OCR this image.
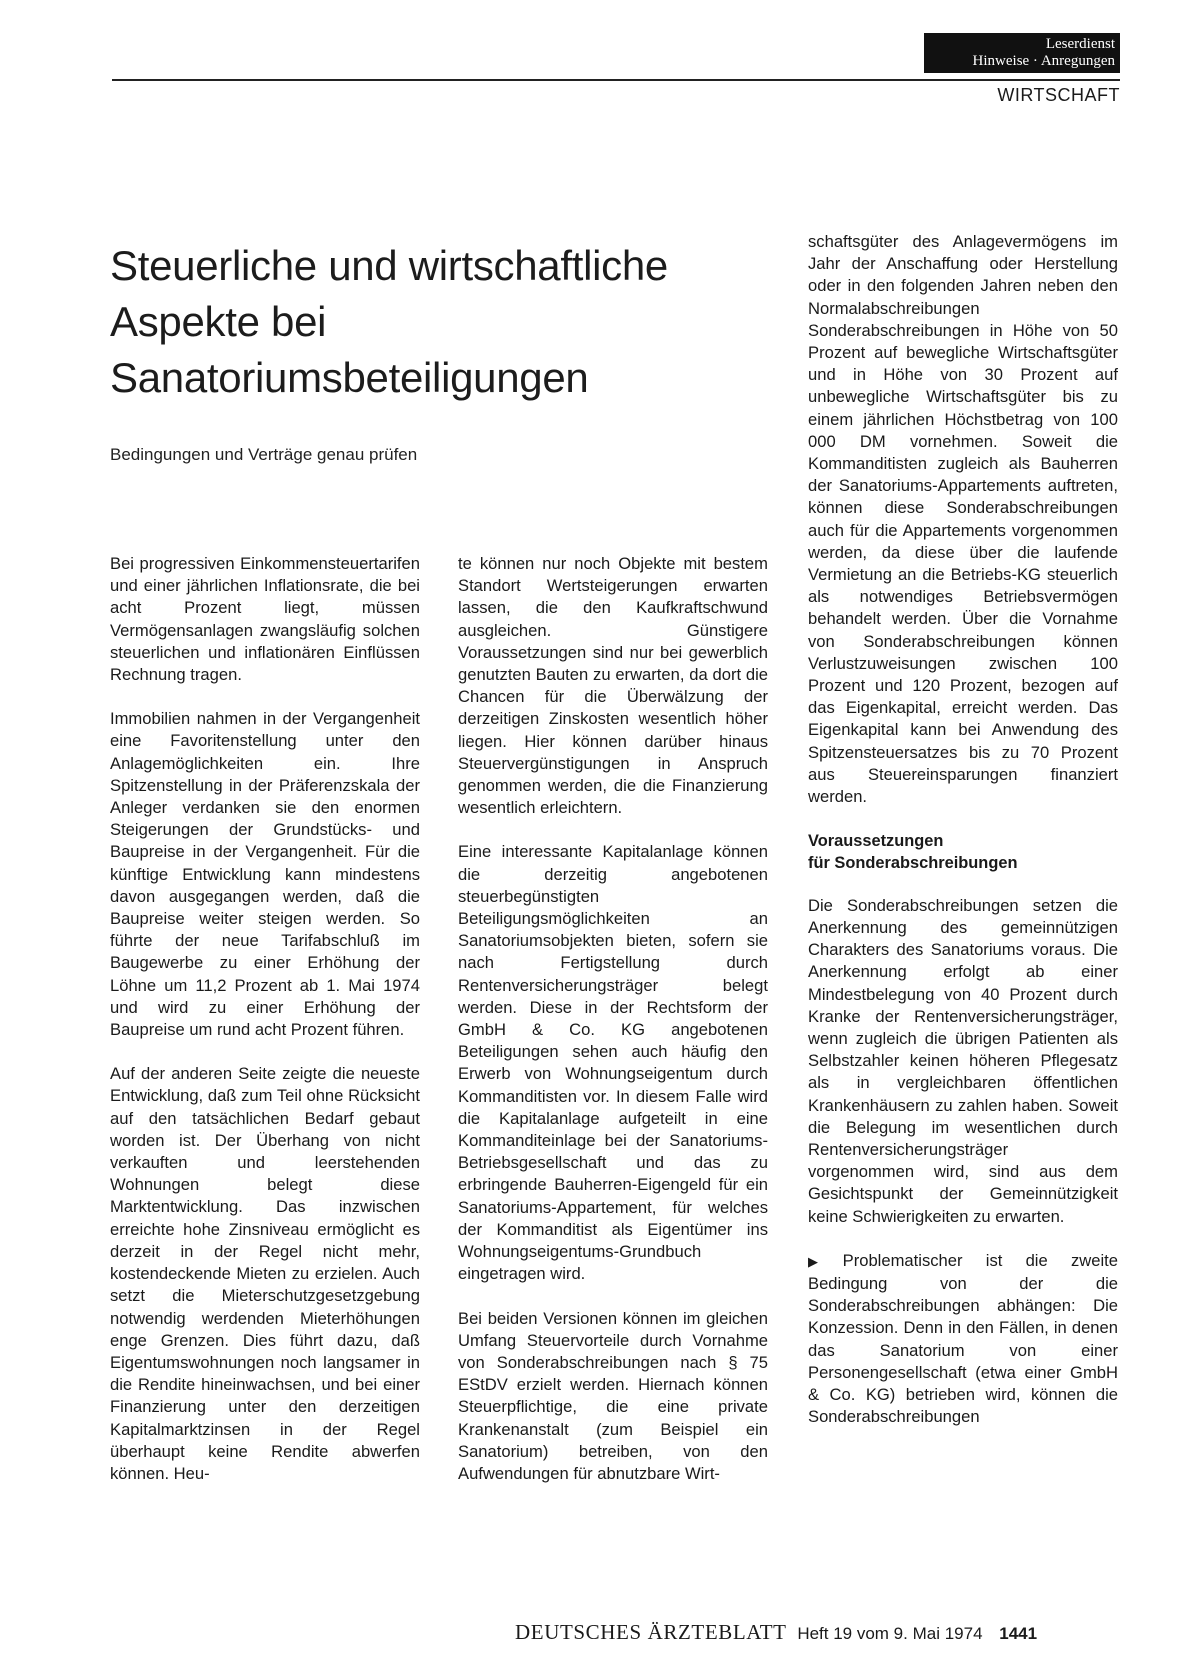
Leserdienst
Hinweise · Anregungen
WIRTSCHAFT
Steuerliche und wirtschaftliche Aspekte bei Sanatoriumsbeteiligungen
Bedingungen und Verträge genau prüfen

Bei progressiven Einkommensteuertarifen und einer jährlichen Inflationsrate, die bei acht Prozent liegt, müssen Vermögensanlagen zwangsläufig solchen steuerlichen und inflationären Einflüssen Rechnung tragen.

Immobilien nahmen in der Vergangenheit eine Favoritenstellung unter den Anlagemöglichkeiten ein. Ihre Spitzenstellung in der Präferenzskala der Anleger verdanken sie den enormen Steigerungen der Grundstücks- und Baupreise in der Vergangenheit. Für die künftige Entwicklung kann mindestens davon ausgegangen werden, daß die Baupreise weiter steigen werden. So führte der neue Tarifabschluß im Baugewerbe zu einer Erhöhung der Löhne um 11,2 Prozent ab 1. Mai 1974 und wird zu einer Erhöhung der Baupreise um rund acht Prozent führen.

Auf der anderen Seite zeigte die neueste Entwicklung, daß zum Teil ohne Rücksicht auf den tatsächlichen Bedarf gebaut worden ist. Der Überhang von nicht verkauften und leerstehenden Wohnungen belegt diese Marktentwicklung. Das inzwischen erreichte hohe Zinsniveau ermöglicht es derzeit in der Regel nicht mehr, kostendeckende Mieten zu erzielen. Auch setzt die Mieterschutzgesetzgebung notwendig werdenden Mieterhöhungen enge Grenzen. Dies führt dazu, daß Eigentumswohnungen noch langsamer in die Rendite hineinwachsen, und bei einer Finanzierung unter den derzeitigen Kapitalmarktzinsen in der Regel überhaupt keine Rendite abwerfen können. Heu-

te können nur noch Objekte mit bestem Standort Wertsteigerungen erwarten lassen, die den Kaufkraftschwund ausgleichen. Günstigere Voraussetzungen sind nur bei gewerblich genutzten Bauten zu erwarten, da dort die Chancen für die Überwälzung der derzeitigen Zinskosten wesentlich höher liegen. Hier können darüber hinaus Steuervergünstigungen in Anspruch genommen werden, die die Finanzierung wesentlich erleichtern.

Eine interessante Kapitalanlage können die derzeitig angebotenen steuerbegünstigten Beteiligungsmöglichkeiten an Sanatoriumsobjekten bieten, sofern sie nach Fertigstellung durch Rentenversicherungsträger belegt werden. Diese in der Rechtsform der GmbH & Co. KG angebotenen Beteiligungen sehen auch häufig den Erwerb von Wohnungseigentum durch Kommanditisten vor. In diesem Falle wird die Kapitalanlage aufgeteilt in eine Kommanditeinlage bei der Sanatoriums-Betriebsgesellschaft und das zu erbringende Bauherren-Eigengeld für ein Sanatoriums-Appartement, für welches der Kommanditist als Eigentümer ins Wohnungseigentums-Grundbuch eingetragen wird.

Bei beiden Versionen können im gleichen Umfang Steuervorteile durch Vornahme von Sonderabschreibungen nach § 75 EStDV erzielt werden. Hiernach können Steuerpflichtige, die eine private Krankenanstalt (zum Beispiel ein Sanatorium) betreiben, von den Aufwendungen für abnutzbare Wirt-

schaftsgüter des Anlagevermögens im Jahr der Anschaffung oder Herstellung oder in den folgenden Jahren neben den Normalabschreibungen Sonderabschreibungen in Höhe von 50 Prozent auf bewegliche Wirtschaftsgüter und in Höhe von 30 Prozent auf unbewegliche Wirtschaftsgüter bis zu einem jährlichen Höchstbetrag von 100 000 DM vornehmen. Soweit die Kommanditisten zugleich als Bauherren der Sanatoriums-Appartements auftreten, können diese Sonderabschreibungen auch für die Appartements vorgenommen werden, da diese über die laufende Vermietung an die Betriebs-KG steuerlich als notwendiges Betriebsvermögen behandelt werden. Über die Vornahme von Sonderabschreibungen können Verlustzuweisungen zwischen 100 Prozent und 120 Prozent, bezogen auf das Eigenkapital, erreicht werden. Das Eigenkapital kann bei Anwendung des Spitzensteuersatzes bis zu 70 Prozent aus Steuereinsparungen finanziert werden.

Voraussetzungen
für Sonderabschreibungen

Die Sonderabschreibungen setzen die Anerkennung des gemeinnützigen Charakters des Sanatoriums voraus. Die Anerkennung erfolgt ab einer Mindestbelegung von 40 Prozent durch Kranke der Rentenversicherungsträger, wenn zugleich die übrigen Patienten als Selbstzahler keinen höheren Pflegesatz als in vergleichbaren öffentlichen Krankenhäusern zu zahlen haben. Soweit die Belegung im wesentlichen durch Rentenversicherungsträger vorgenommen wird, sind aus dem Gesichtspunkt der Gemeinnützigkeit keine Schwierigkeiten zu erwarten.

▶ Problematischer ist die zweite Bedingung von der die Sonderabschreibungen abhängen: Die Konzession. Denn in den Fällen, in denen das Sanatorium von einer Personengesellschaft (etwa einer GmbH & Co. KG) betrieben wird, können die Sonderabschreibungen

DEUTSCHES ÄRZTEBLATT Heft 19 vom 9. Mai 1974 1441
